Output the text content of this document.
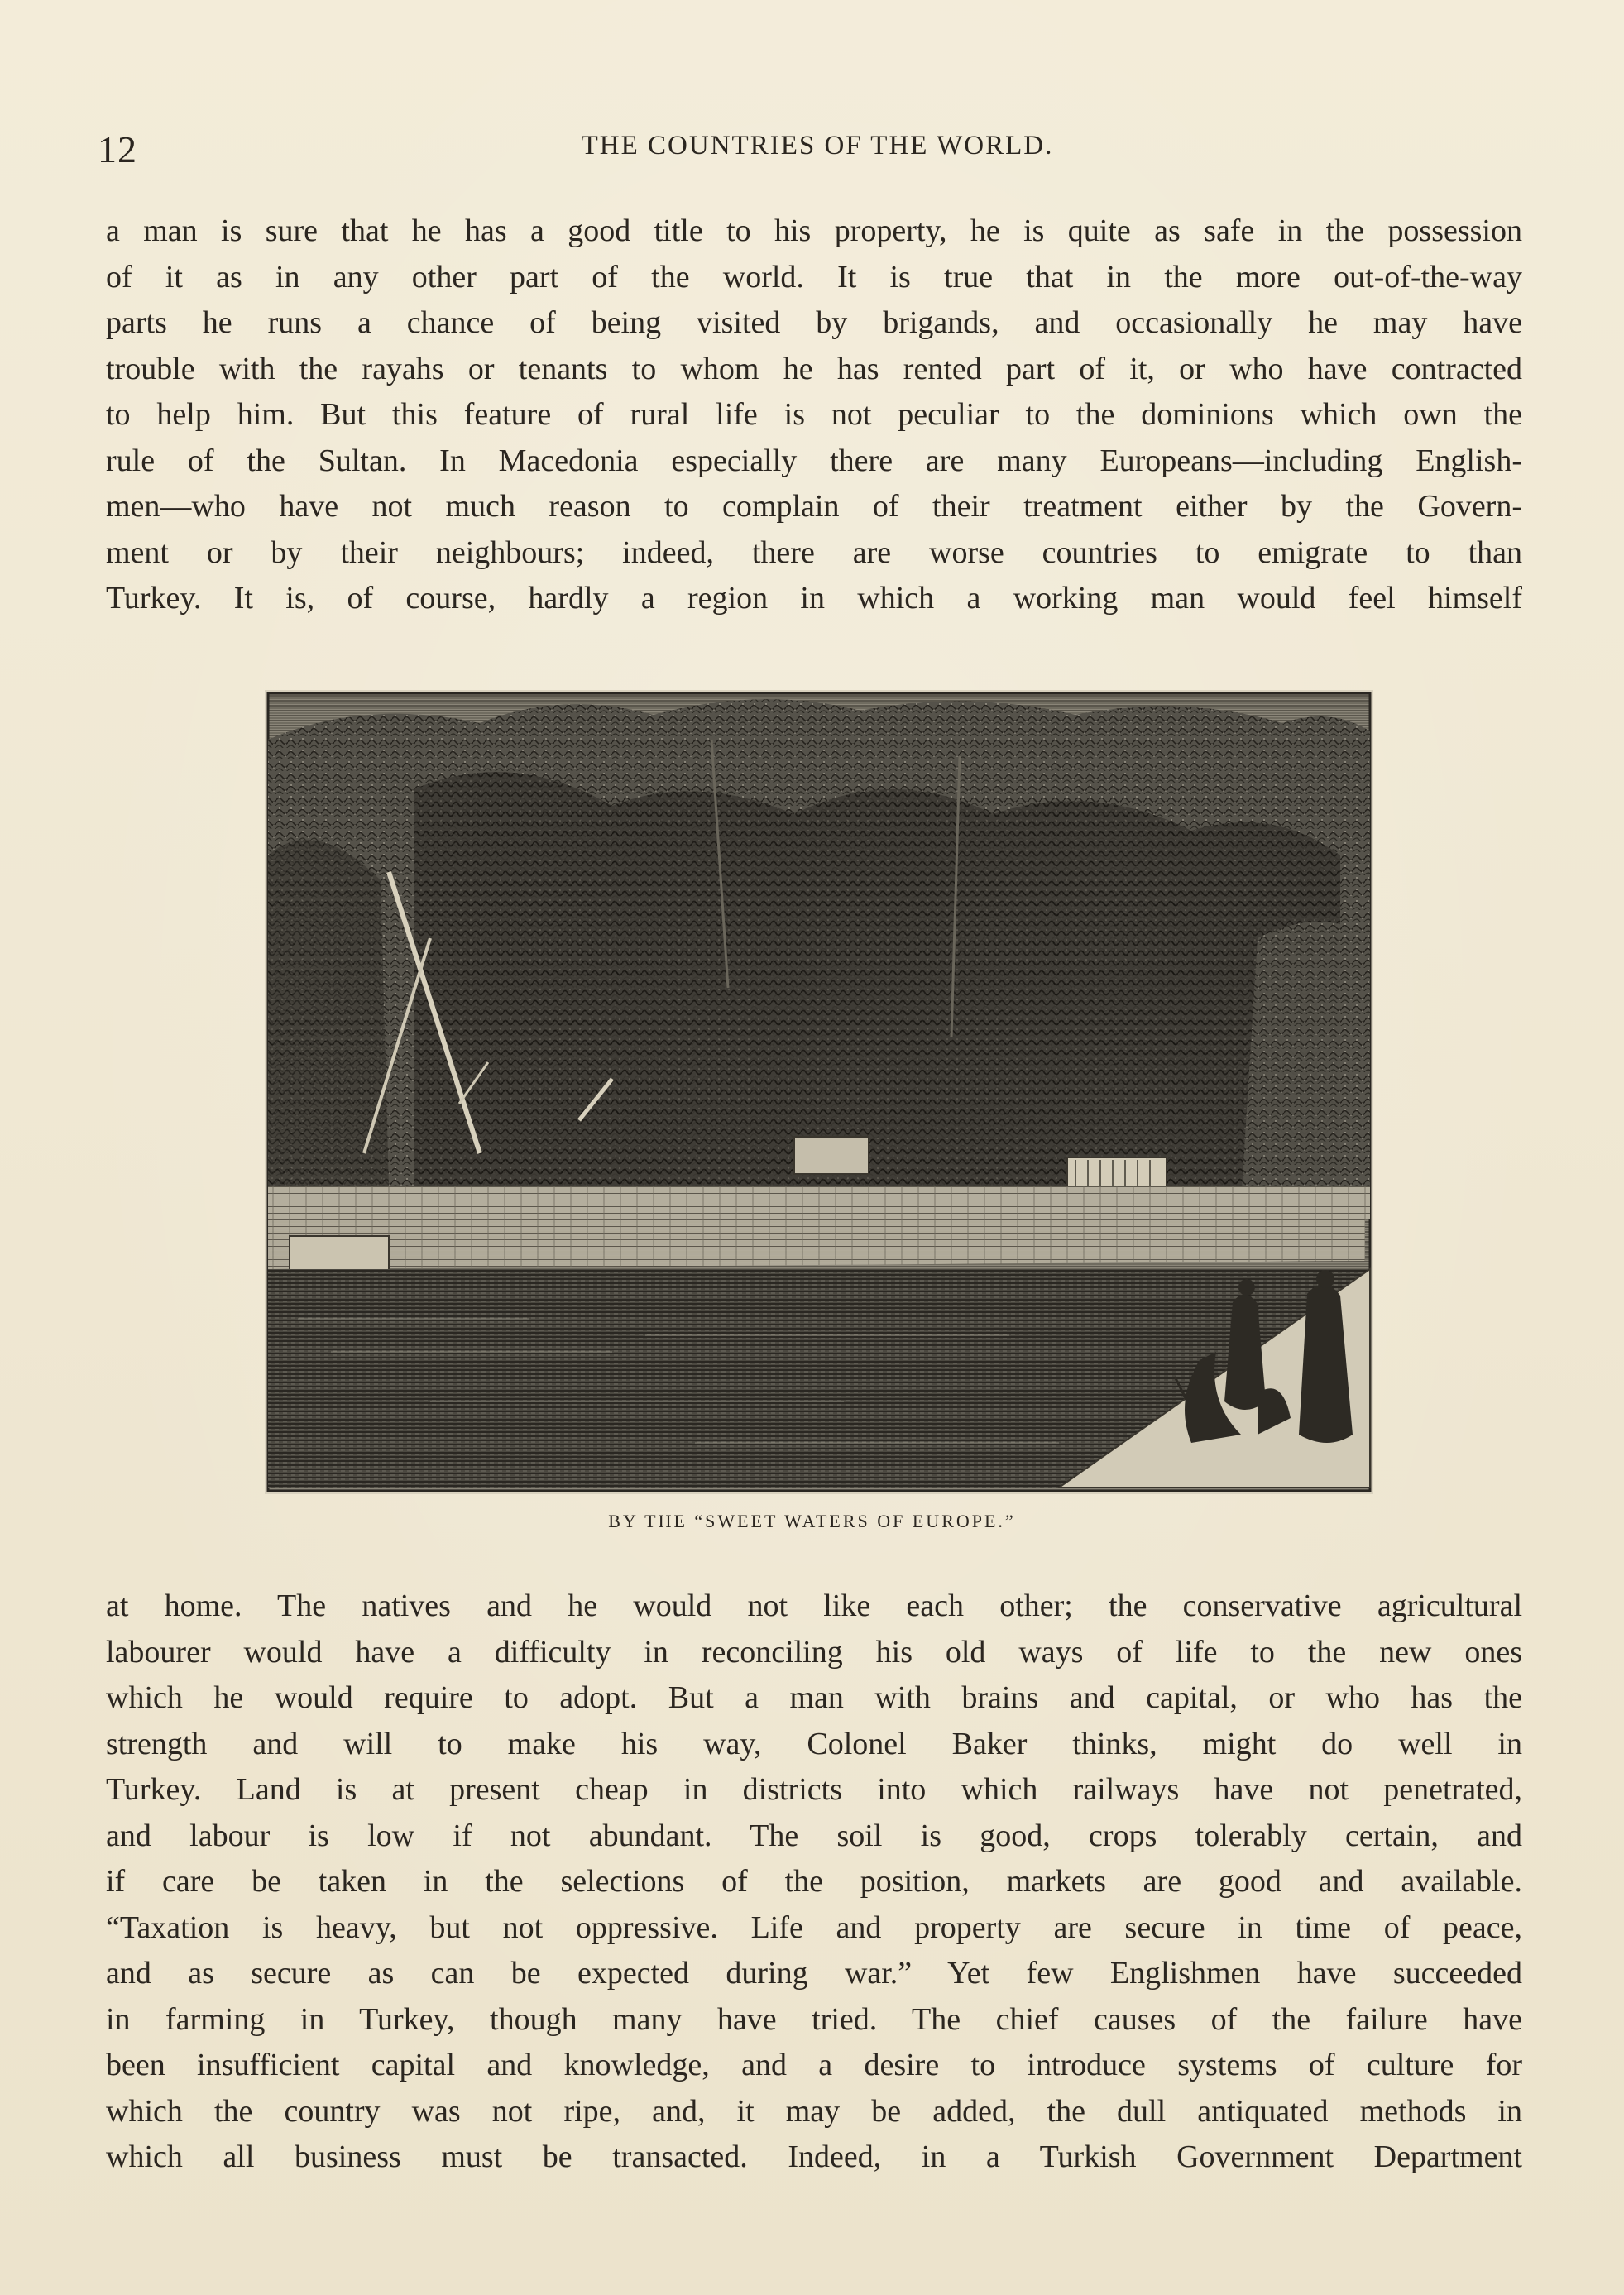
12	THE COUNTRIES OF THE WORLD.
a man is sure that he has a good title to his property, he is quite as safe in the possession
of it as in any other part of the world. It is true that in the more out-of-the-way
parts he runs a chance of being visited by brigands, and occasionally he may have
trouble with the rayahs or tenants to whom he has rented part of it, or who have contracted
to help him. But this feature of rural life is not peculiar to the dominions which own the
rule of the Sultan. In Macedonia especially there are many Europeans—including English-
men—who have not much reason to complain of their treatment either by the Govern-
ment or by their neighbours; indeed, there are worse countries to emigrate to than
Turkey. It is, of course, hardly a region in which a working man would feel himself
BY THE “SWEET WATERS OF EUROPE.”
at home. The natives and he would not like each other; the conservative agricultural
labourer would have a difficulty in reconciling his old ways of life to the new ones
which he would require to adopt. But a man with brains and capital, or who has the
strength and will to make his way, Colonel Baker thinks, might do well in
Turkey. Land is at present cheap in districts into which railways have not penetrated,
and labour is low if not abundant. The soil is good, crops tolerably certain, and
if care be taken in the selections of the position, markets are good and available.
“Taxation is heavy, but not oppressive. Life and property are secure in time of peace,
and as secure as can be expected during war.” Yet few Englishmen have succeeded
in farming in Turkey, though many have tried. The chief causes of the failure have
been insufficient capital and knowledge, and a desire to introduce systems of culture for
which the country was not ripe, and, it may be added, the dull antiquated methods in
which all business must be transacted. Indeed, in a Turkish Government Department
